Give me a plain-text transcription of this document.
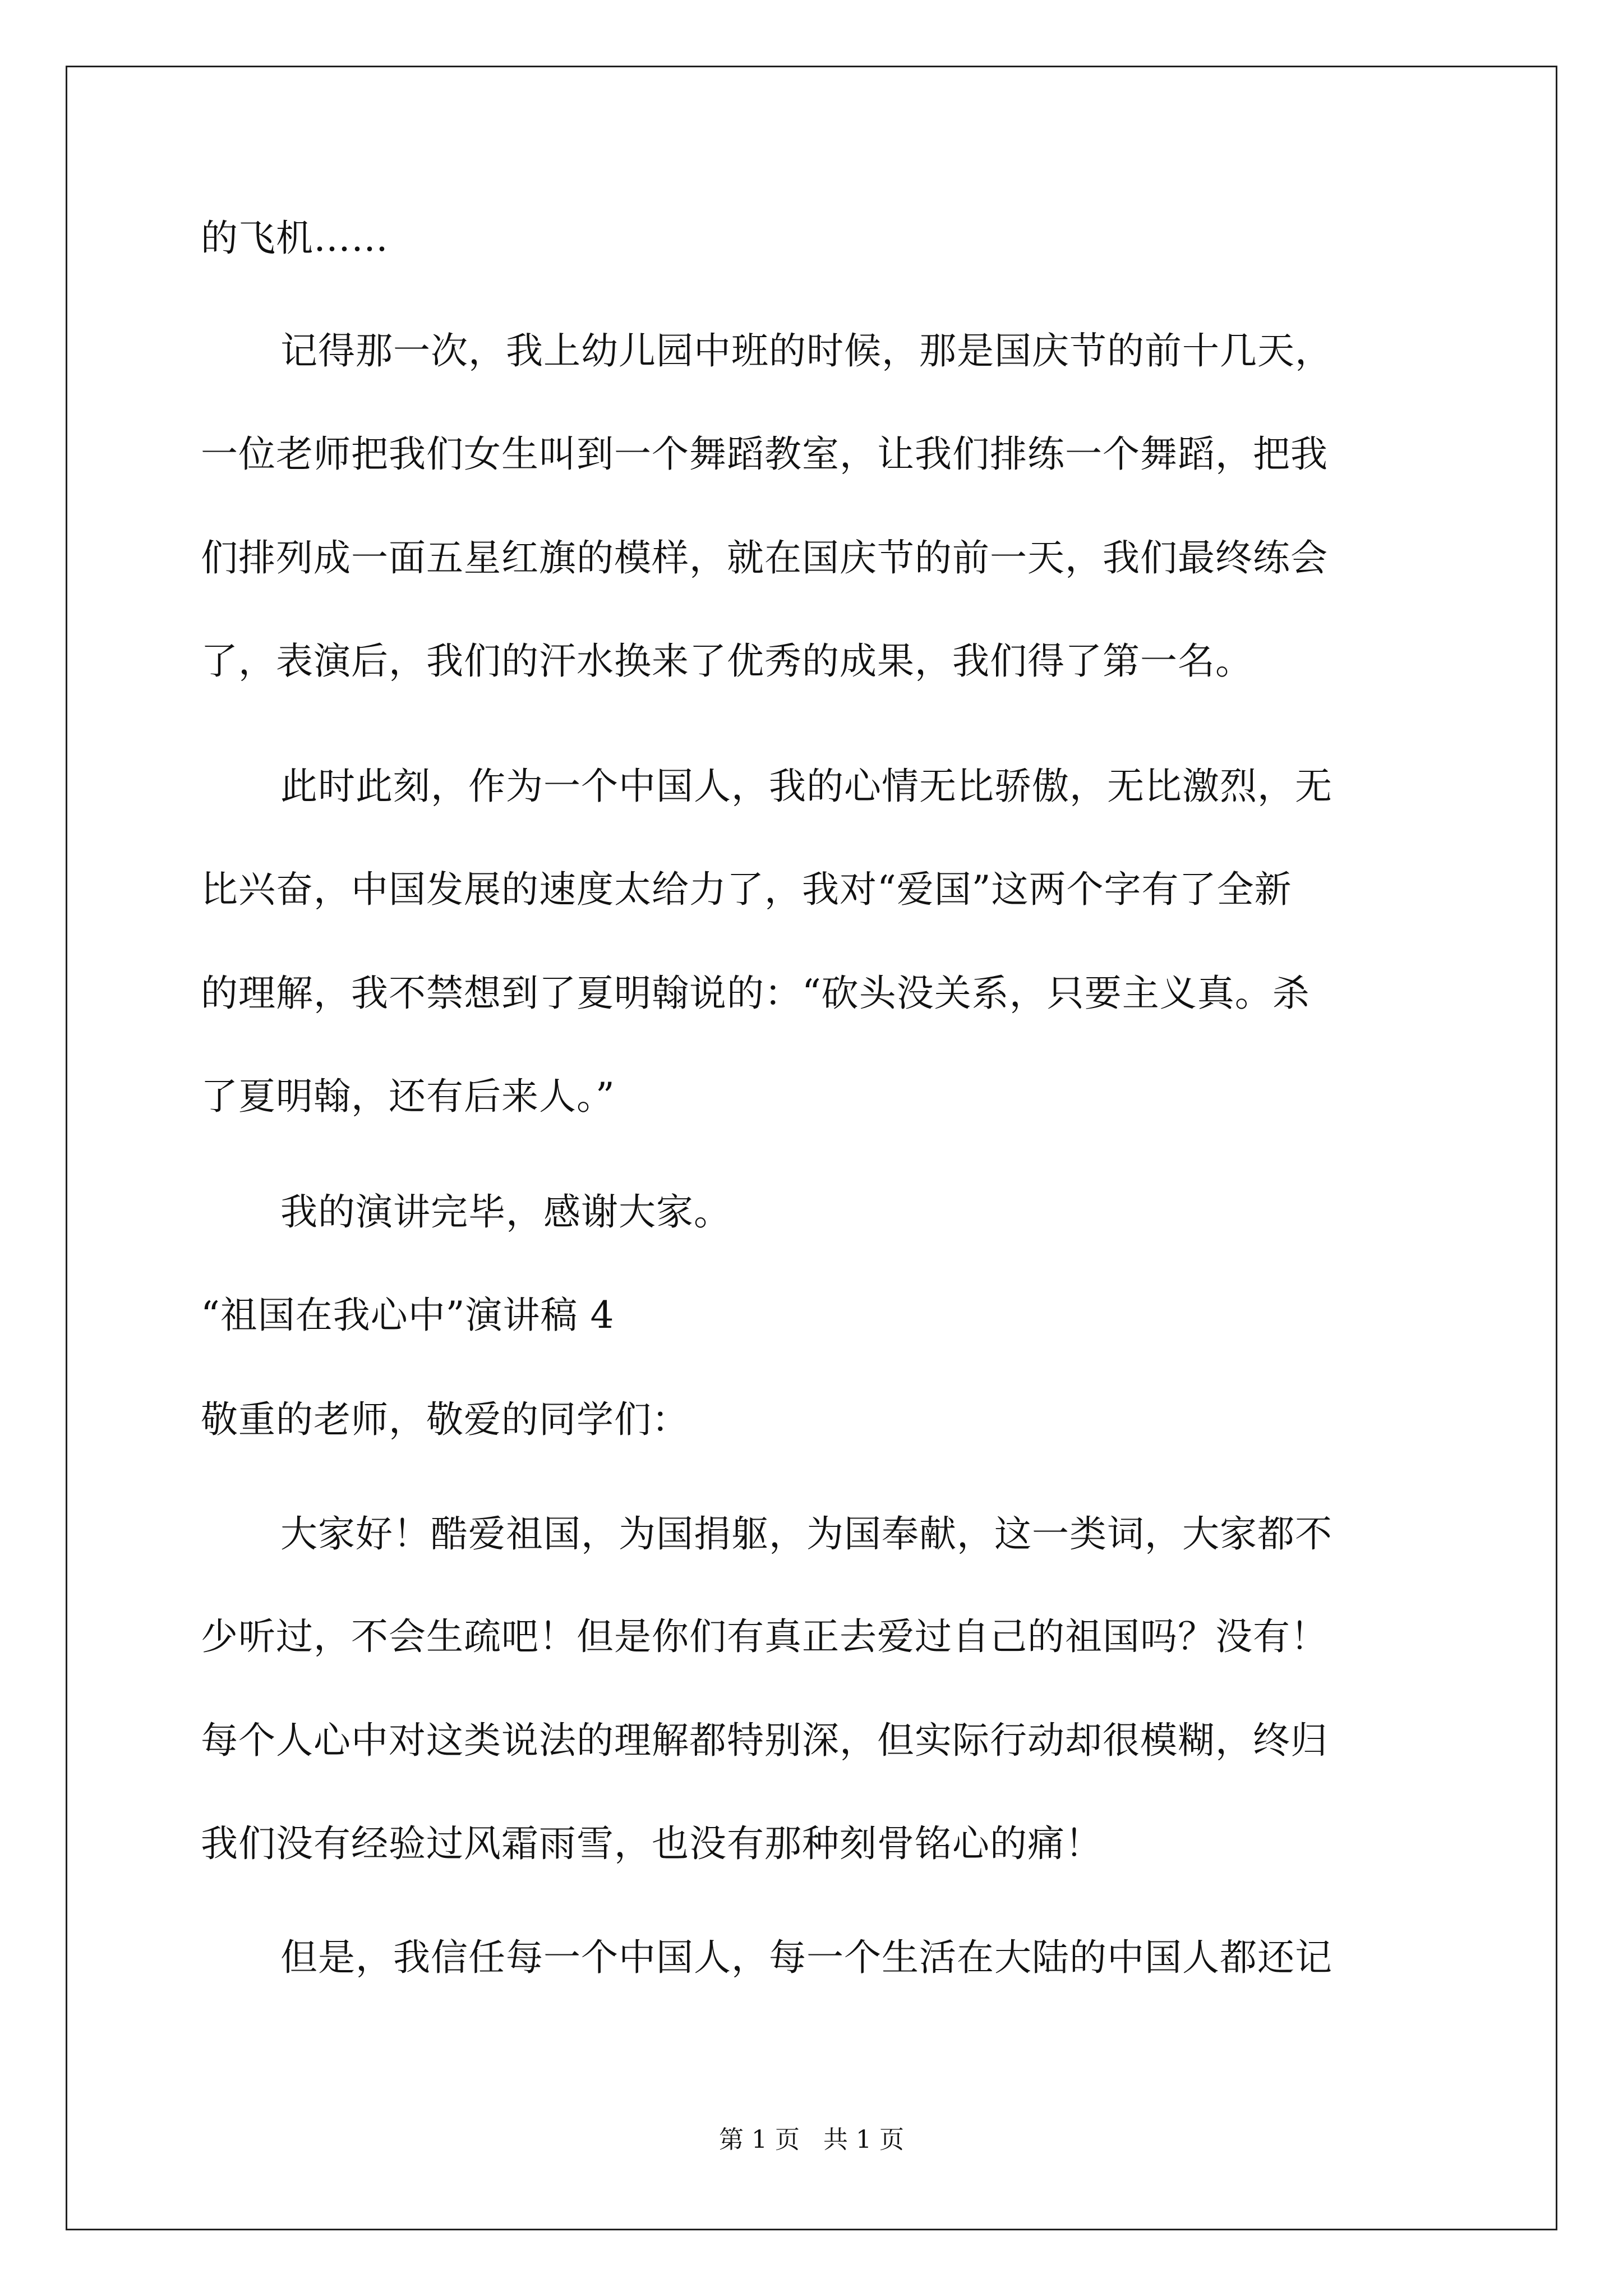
的飞机……
记得那一次，我上幼儿园中班的时候，那是国庆节的前十几天，
一位老师把我们女生叫到一个舞蹈教室，让我们排练一个舞蹈，把我
们排列成一面五星红旗的模样，就在国庆节的前一天，我们最终练会
了，表演后，我们的汗水换来了优秀的成果，我们得了第一名。
此时此刻，作为一个中国人，我的心情无比骄傲，无比激烈，无
比兴奋，中国发展的速度太给力了，我对“爱国”这两个字有了全新
的理解，我不禁想到了夏明翰说的：“砍头没关系，只要主义真。杀
了夏明翰，还有后来人。”
我的演讲完毕，感谢大家。
“祖国在我心中”演讲稿 4
敬重的老师，敬爱的同学们：
大家好！酷爱祖国，为国捐躯，为国奉献，这一类词，大家都不
少听过，不会生疏吧！但是你们有真正去爱过自己的祖国吗？没有！
每个人心中对这类说法的理解都特别深，但实际行动却很模糊，终归
我们没有经验过风霜雨雪，也没有那种刻骨铭心的痛！
但是，我信任每一个中国人，每一个生活在大陆的中国人都还记
第 1 页   共 1 页
